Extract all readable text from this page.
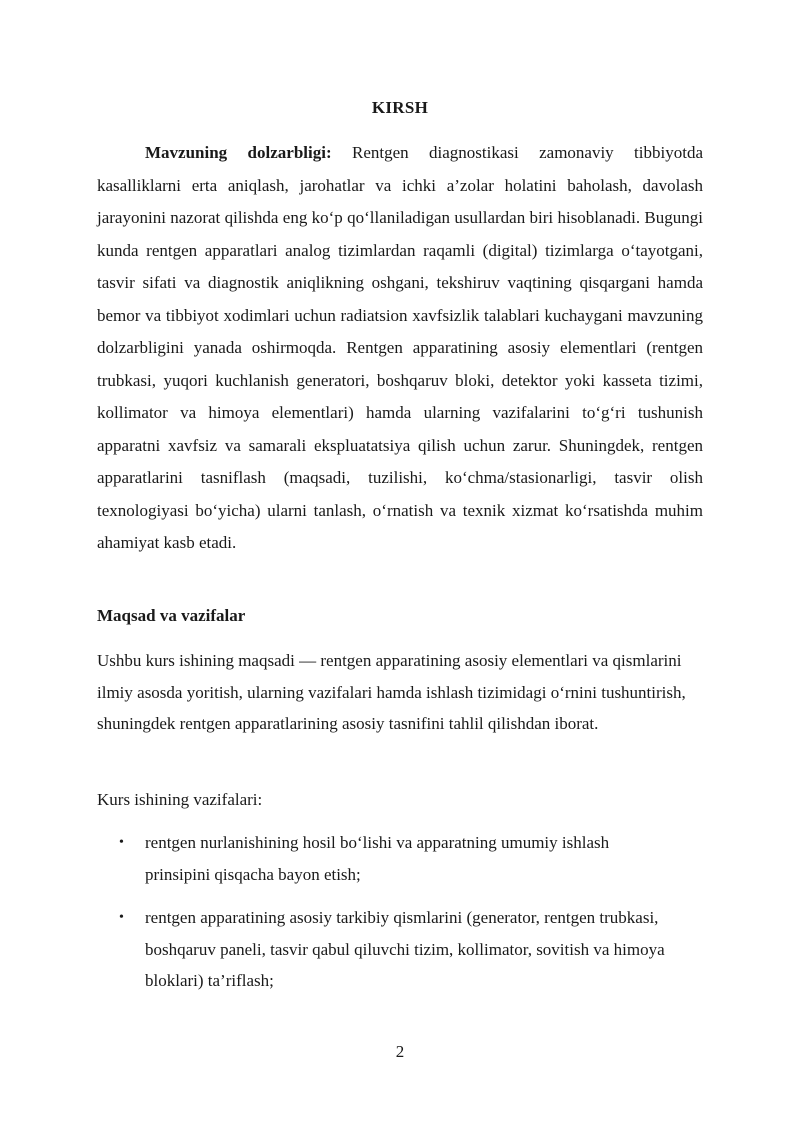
KIRSH

Mavzuning dolzarbligi: Rentgen diagnostikasi zamonaviy tibbiyotda kasalliklarni erta aniqlash, jarohatlar va ichki a’zolar holatini baholash, davolash jarayonini nazorat qilishda eng ko‘p qo‘llaniladigan usullardan biri hisoblanadi. Bugungi kunda rentgen apparatlari analog tizimlardan raqamli (digital) tizimlarga o‘tayotgani, tasvir sifati va diagnostik aniqlikning oshgani, tekshiruv vaqtining qisqargani hamda bemor va tibbiyot xodimlari uchun radiatsion xavfsizlik talablari kuchaygani mavzuning dolzarbligini yanada oshirmoqda. Rentgen apparatining asosiy elementlari (rentgen trubkasi, yuqori kuchlanish generatori, boshqaruv bloki, detektor yoki kasseta tizimi, kollimator va himoya elementlari) hamda ularning vazifalarini to‘g‘ri tushunish apparatni xavfsiz va samarali ekspluatatsiya qilish uchun zarur. Shuningdek, rentgen apparatlarini tasniflash (maqsadi, tuzilishi, ko‘chma/stasionarligi, tasvir olish texnologiyasi bo‘yicha) ularni tanlash, o‘rnatish va texnik xizmat ko‘rsatishda muhim ahamiyat kasb etadi.

Maqsad va vazifalar

Ushbu kurs ishining maqsadi — rentgen apparatining asosiy elementlari va qismlarini ilmiy asosda yoritish, ularning vazifalari hamda ishlash tizimidagi o‘rnini tushuntirish, shuningdek rentgen apparatlarining asosiy tasnifini tahlil qilishdan iborat.

Kurs ishining vazifalari:

• rentgen nurlanishining hosil bo‘lishi va apparatning umumiy ishlash prinsipini qisqacha bayon etish;
• rentgen apparatining asosiy tarkibiy qismlarini (generator, rentgen trubkasi, boshqaruv paneli, tasvir qabul qiluvchi tizim, kollimator, sovitish va himoya bloklari) ta’riflash;
2
